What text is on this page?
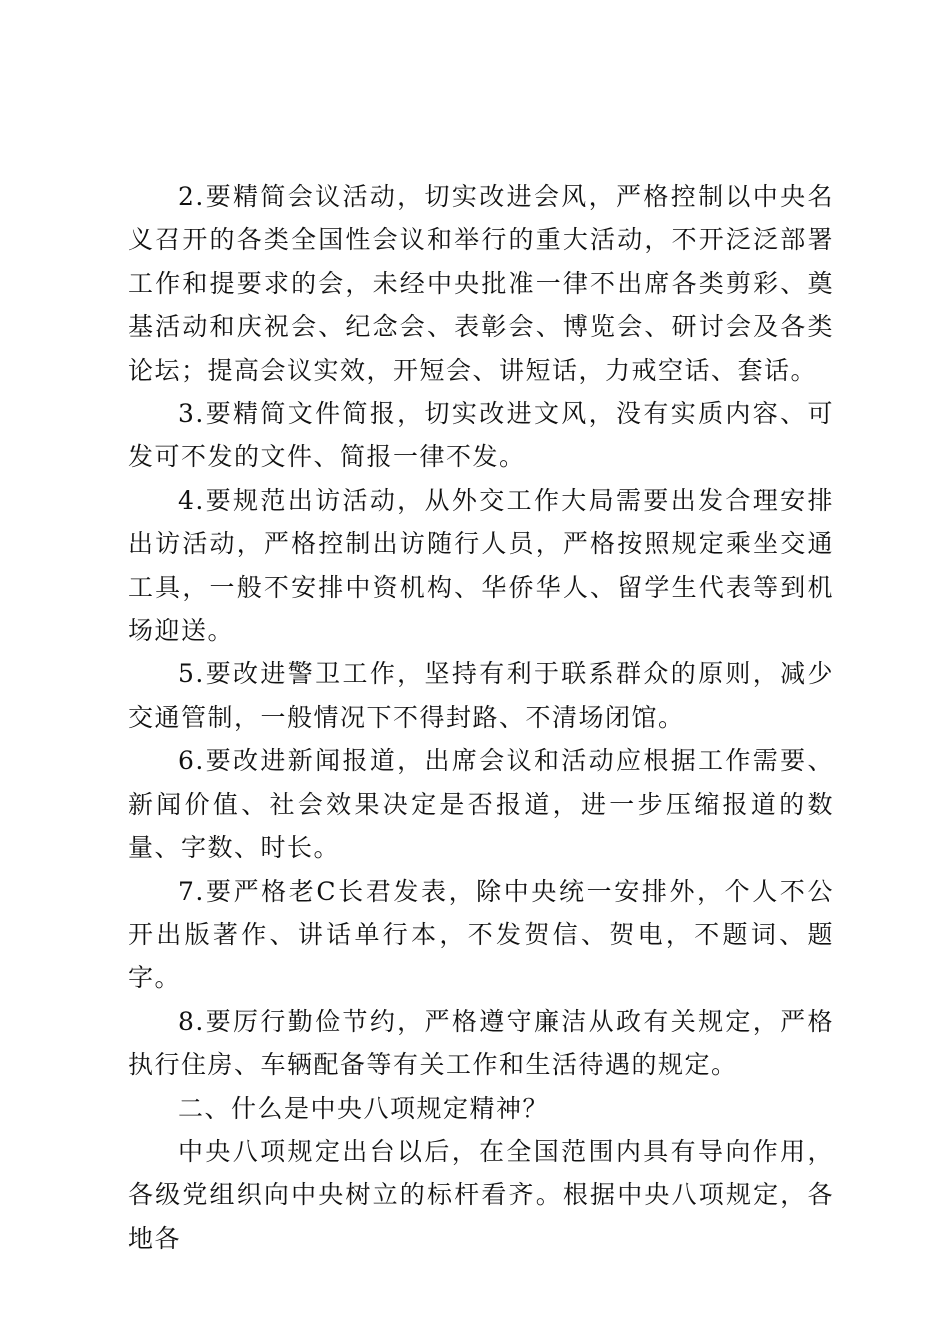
2.要精简会议活动，切实改进会风，严格控制以中央名义召开的各类全国性会议和举行的重大活动，不开泛泛部署工作和提要求的会，未经中央批准一律不出席各类剪彩、奠基活动和庆祝会、纪念会、表彰会、博览会、研讨会及各类论坛；提高会议实效，开短会、讲短话，力戒空话、套话。

3.要精简文件简报，切实改进文风，没有实质内容、可发可不发的文件、简报一律不发。

4.要规范出访活动，从外交工作大局需要出发合理安排出访活动，严格控制出访随行人员，严格按照规定乘坐交通工具，一般不安排中资机构、华侨华人、留学生代表等到机场迎送。

5.要改进警卫工作，坚持有利于联系群众的原则，减少交通管制，一般情况下不得封路、不清场闭馆。

6.要改进新闻报道，出席会议和活动应根据工作需要、新闻价值、社会效果决定是否报道，进一步压缩报道的数量、字数、时长。

7.要严格老C长君发表，除中央统一安排外，个人不公开出版著作、讲话单行本，不发贺信、贺电，不题词、题字。

8.要厉行勤俭节约，严格遵守廉洁从政有关规定，严格执行住房、车辆配备等有关工作和生活待遇的规定。

二、什么是中央八项规定精神？

中央八项规定出台以后，在全国范围内具有导向作用，各级党组织向中央树立的标杆看齐。根据中央八项规定，各地各
